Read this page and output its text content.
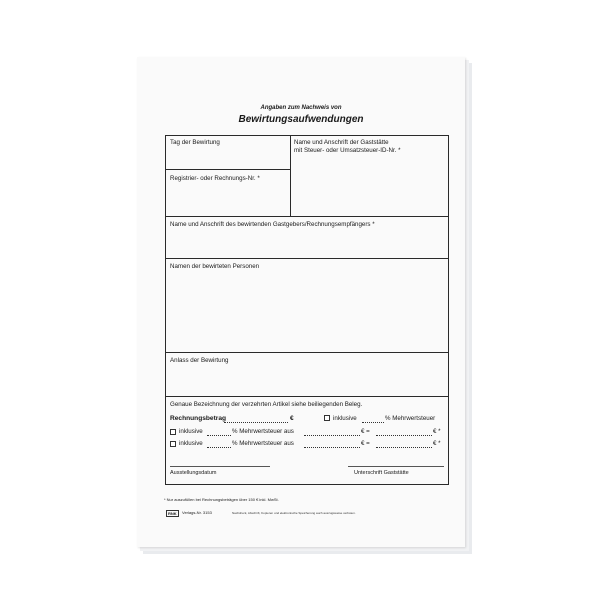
Angaben zum Nachweis von
Bewirtungsaufwendungen
Tag der Bewirtung	Name und Anschrift der Gaststätte
mit Steuer- oder Umsatzsteuer-ID-Nr. *
Registrier- oder Rechnungs-Nr. *
Name und Anschrift des bewirtenden Gastgebers/Rechnungsempfängers *
Namen der bewirteten Personen
Anlass der Bewirtung
Genaue Bezeichnung der verzehrten Artikel siehe beiliegenden Beleg.
Rechnungsbetrag	€	inklusive	% Mehrwertsteuer
inklusive	% Mehrwertsteuer aus	€ =	€ *
inklusive	% Mehrwertsteuer aus	€ =	€ *
Ausstellungsdatum	Unterschrift Gaststätte
* Nur auszufüllen bei Rechnungsbeträgen über 150 € inkl. MwSt.
RNK	Verlags-Nr. 3153	Nachdruck, Abschrift, Kopieren und elektronische Speicherung auch auszugsweise verboten.
